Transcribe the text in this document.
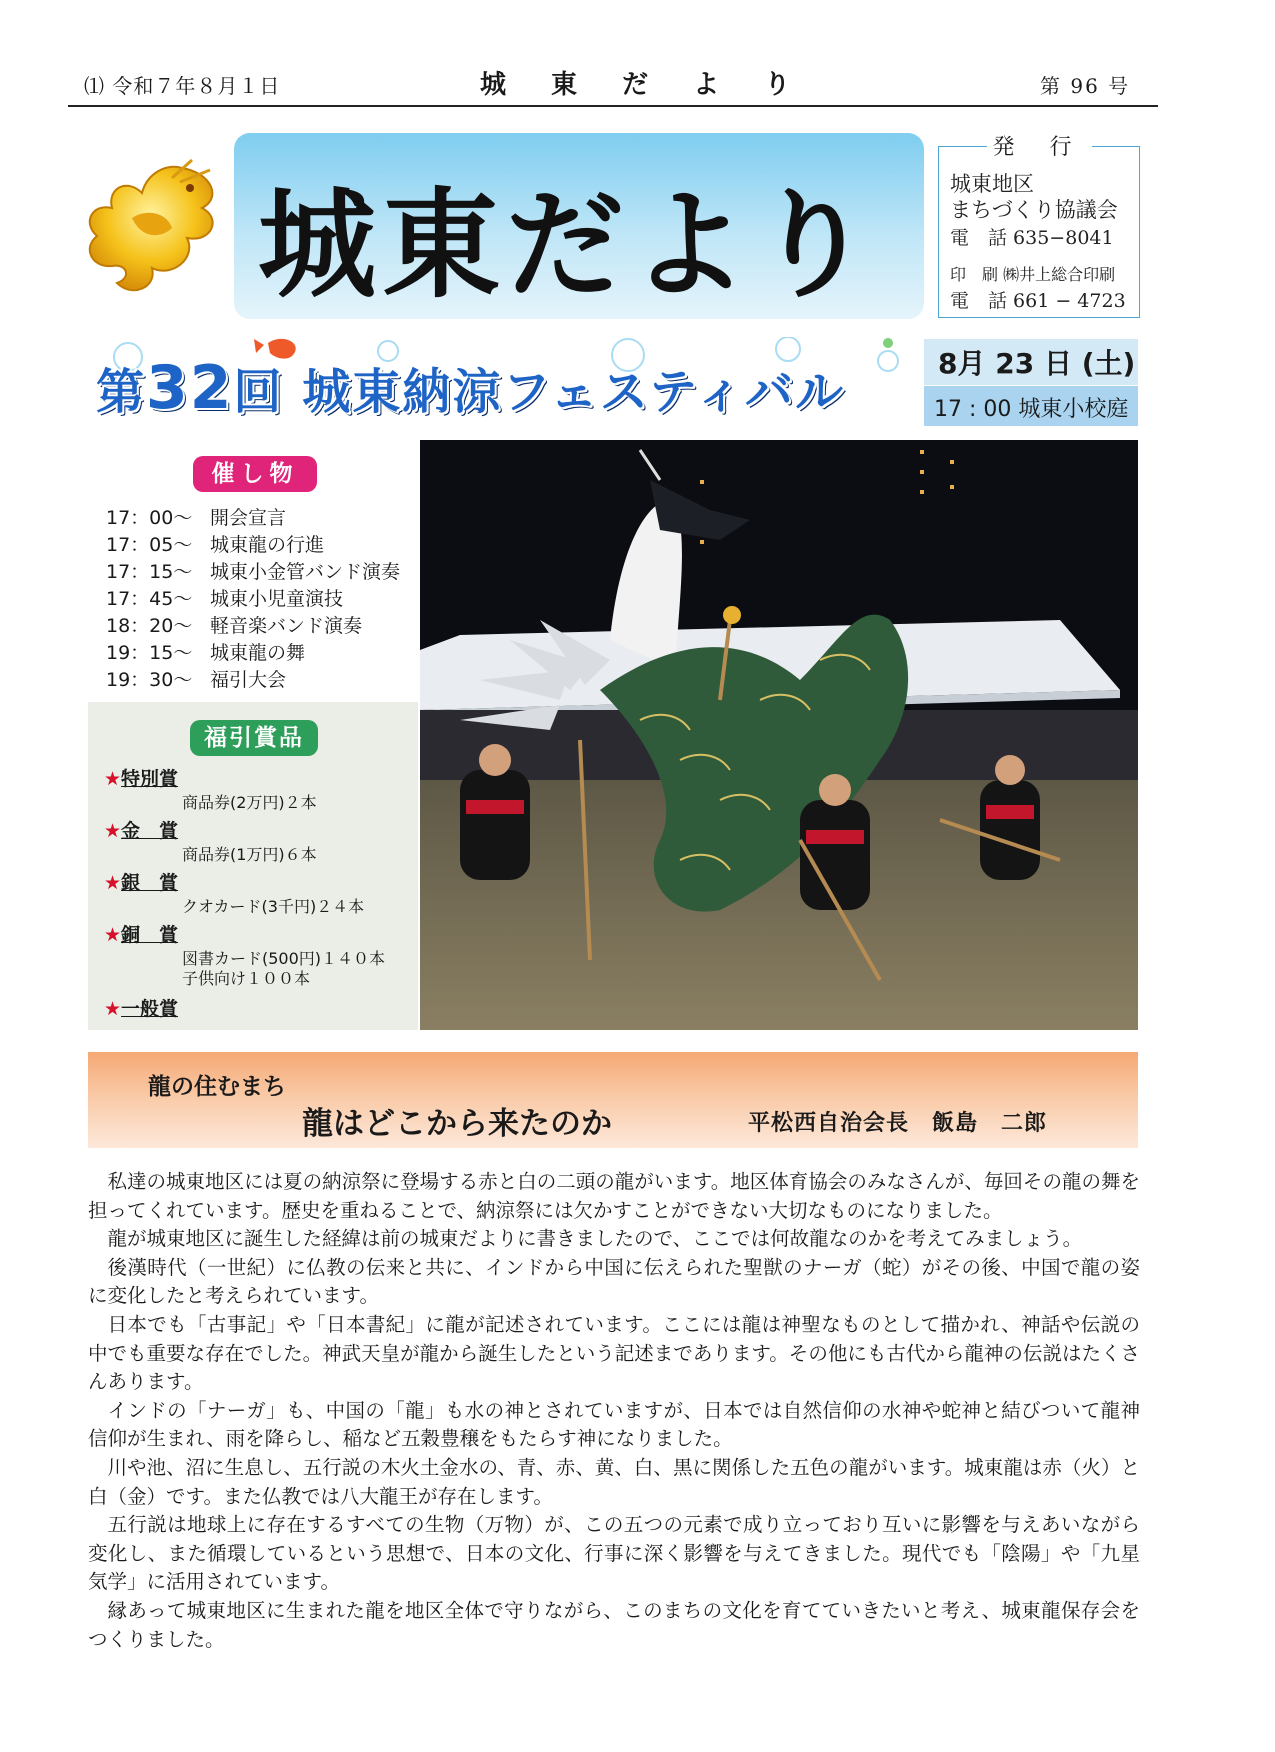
⑴ 令和７年８月１日	城 東 だ よ り	第 96 号
城東だより
発 行
城東地区
まちづくり協議会
電　話 635−8041
印　刷 ㈱井上総合印刷
電　話 661 − 4723
第32回 城東納涼フェスティバル
8月 23 日 (土)
17 : 00 城東小校庭
催し物
17：00〜 開会宣言
17：05〜 城東龍の行進
17：15〜 城東小金管バンド演奏
17：45〜 城東小児童演技
18：20〜 軽音楽バンド演奏
19：15〜 城東龍の舞
19：30〜 福引大会
福引賞品
★特別賞
商品券(2万円)２本
★金　賞
商品券(1万円)６本
★銀　賞
クオカード(3千円)２４本
★銅　賞
図書カード(500円)１４０本
子供向け１００本
★一般賞
龍の住むまち
龍はどこから来たのか	平松西自治会長　飯島　二郎

私達の城東地区には夏の納涼祭に登場する赤と白の二頭の龍がいます。地区体育協会のみなさんが、毎回その龍の舞を担ってくれています。歴史を重ねることで、納涼祭には欠かすことができない大切なものになりました。

龍が城東地区に誕生した経緯は前の城東だよりに書きましたので、ここでは何故龍なのかを考えてみましょう。

後漢時代（一世紀）に仏教の伝来と共に、インドから中国に伝えられた聖獣のナーガ（蛇）がその後、中国で龍の姿に変化したと考えられています。

日本でも「古事記」や「日本書紀」に龍が記述されています。ここには龍は神聖なものとして描かれ、神話や伝説の中でも重要な存在でした。神武天皇が龍から誕生したという記述まであります。その他にも古代から龍神の伝説はたくさんあります。

インドの「ナーガ」も、中国の「龍」も水の神とされていますが、日本では自然信仰の水神や蛇神と結びついて龍神信仰が生まれ、雨を降らし、稲など五穀豊穣をもたらす神になりました。

川や池、沼に生息し、五行説の木火土金水の、青、赤、黄、白、黒に関係した五色の龍がいます。城東龍は赤（火）と白（金）です。また仏教では八大龍王が存在します。

五行説は地球上に存在するすべての生物（万物）が、この五つの元素で成り立っており互いに影響を与えあいながら変化し、また循環しているという思想で、日本の文化、行事に深く影響を与えてきました。現代でも「陰陽」や「九星気学」に活用されています。

縁あって城東地区に生まれた龍を地区全体で守りながら、このまちの文化を育てていきたいと考え、城東龍保存会をつくりました。
